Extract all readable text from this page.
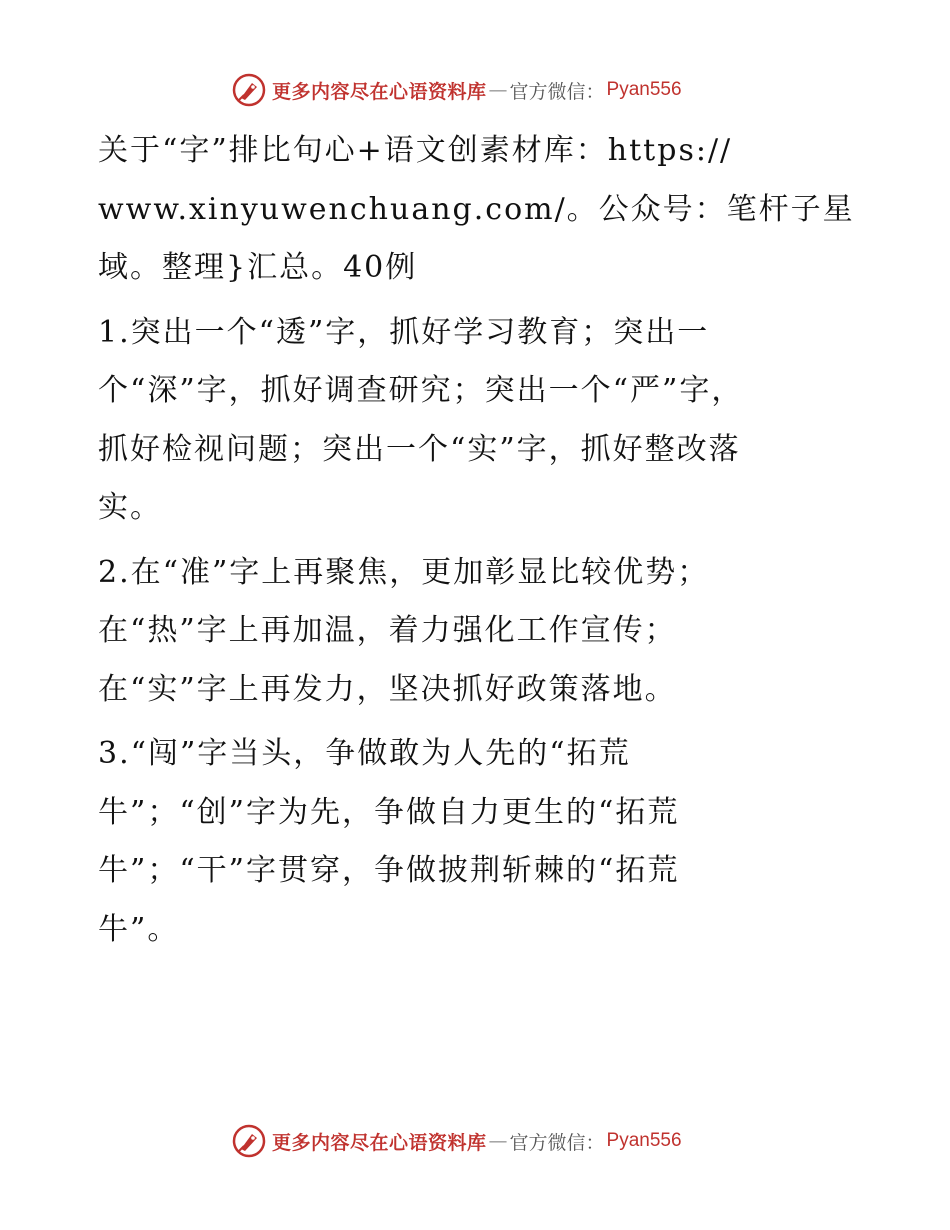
更多内容尽在心语资料库 — 官方微信： Pyan556

关于“字”排比句心+语文创素材库：https://
www.xinyuwenchuang.com/。公众号：笔杆子星
域。整理}汇总。40例

1.突出一个“透”字，抓好学习教育；突出一
个“深”字，抓好调查研究；突出一个“严”字，
抓好检视问题；突出一个“实”字，抓好整改落
实。

2.在“准”字上再聚焦，更加彰显比较优势；
在“热”字上再加温，着力强化工作宣传；
在“实”字上再发力，坚决抓好政策落地。

3.“闯”字当头，争做敢为人先的“拓荒
牛”；“创”字为先，争做自力更生的“拓荒
牛”；“干”字贯穿，争做披荆斩棘的“拓荒
牛”。

更多内容尽在心语资料库 — 官方微信： Pyan556
